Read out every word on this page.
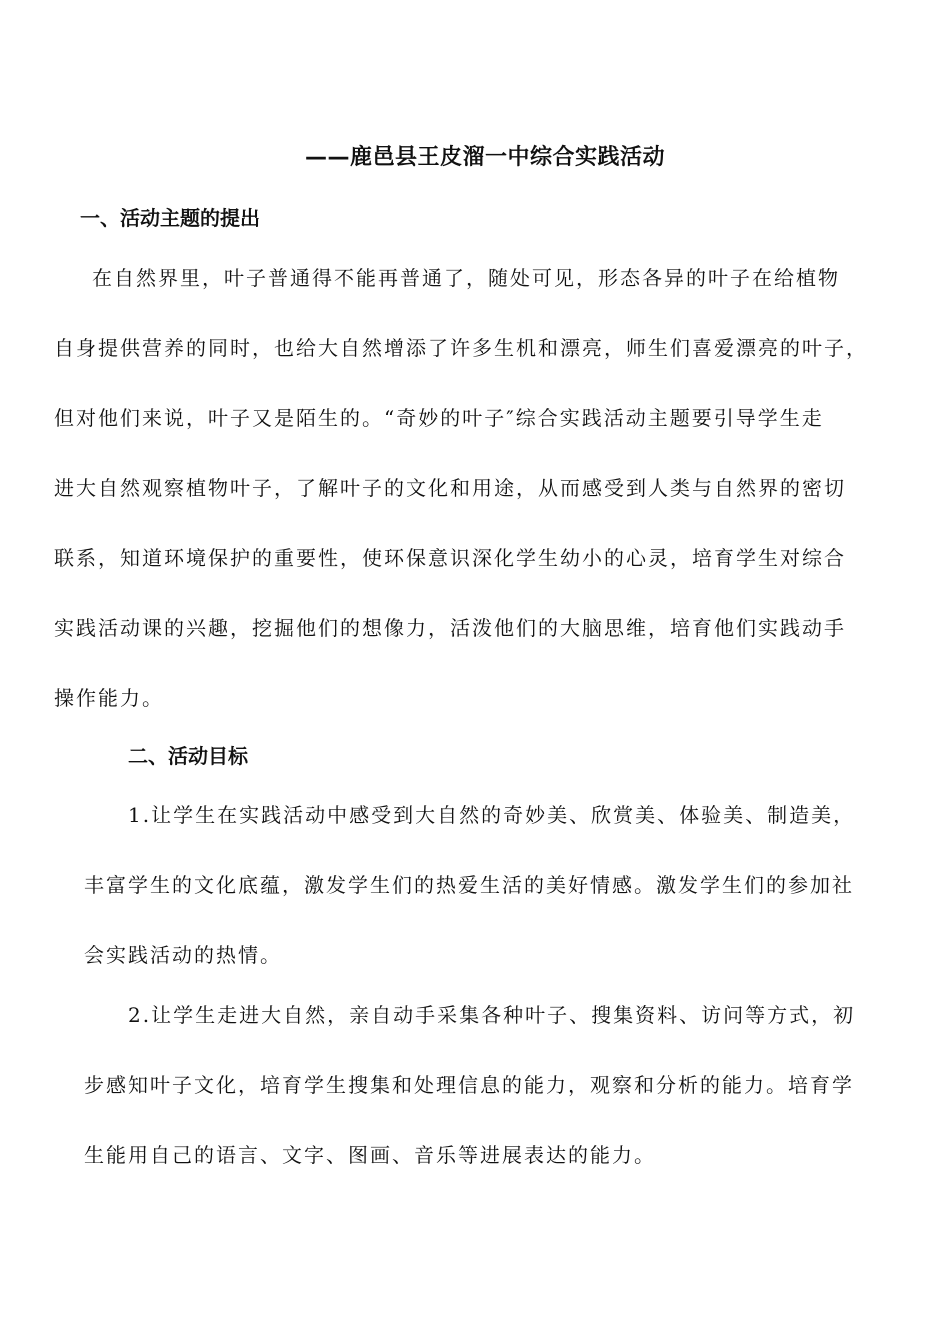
——鹿邑县王皮溜一中综合实践活动
一、活动主题的提出
在自然界里，叶子普通得不能再普通了，随处可见，形态各异的叶子在给植物
自身提供营养的同时，也给大自然增添了许多生机和漂亮，师生们喜爱漂亮的叶子，
但对他们来说，叶子又是陌生的。“奇妙的叶子″综合实践活动主题要引导学生走
进大自然观察植物叶子，了解叶子的文化和用途，从而感受到人类与自然界的密切
联系，知道环境保护的重要性，使环保意识深化学生幼小的心灵，培育学生对综合
实践活动课的兴趣，挖掘他们的想像力，活泼他们的大脑思维，培育他们实践动手
操作能力。
二、活动目标
1.让学生在实践活动中感受到大自然的奇妙美、欣赏美、体验美、制造美，
丰富学生的文化底蕴，激发学生们的热爱生活的美好情感。激发学生们的参加社
会实践活动的热情。
2.让学生走进大自然，亲自动手采集各种叶子、搜集资料、访问等方式，初
步感知叶子文化，培育学生搜集和处理信息的能力，观察和分析的能力。培育学
生能用自己的语言、文字、图画、音乐等进展表达的能力。
